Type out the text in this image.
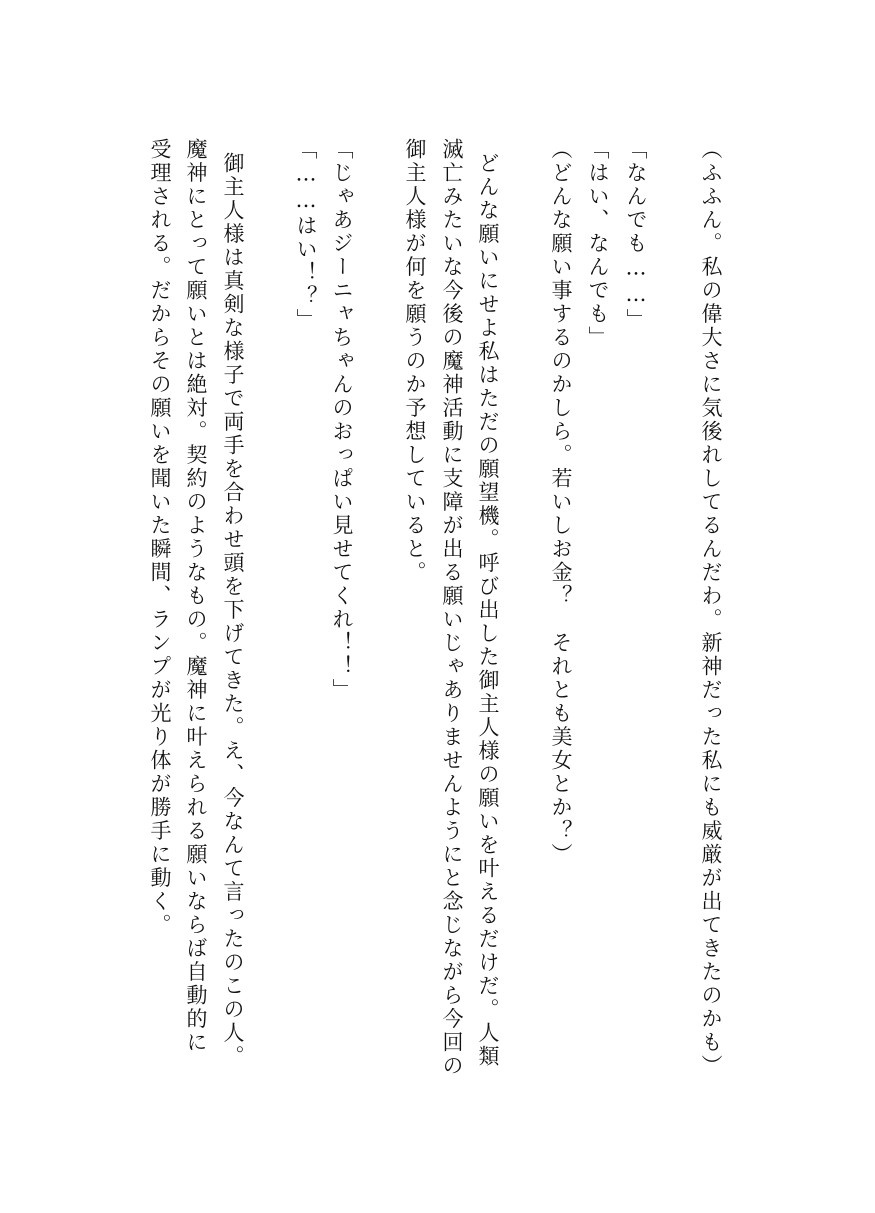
（ふふん。私の偉大さに気後れしてるんだわ。新神だった私にも威厳が出てきたのかも）

「なんでも……」

「はい、なんでも」

（どんな願い事するのかしら。若いしお金？　それとも美女とか？）

どんな願いにせよ私はただの願望機。呼び出した御主人様の願いを叶えるだけだ。人類

滅亡みたいな今後の魔神活動に支障が出る願いじゃありませんようにと念じながら今回の

御主人様が何を願うのか予想していると。

「じゃあジーニャちゃんのおっぱい見せてくれ！！」

「……はい！？」

御主人様は真剣な様子で両手を合わせ頭を下げてきた。え、今なんて言ったのこの人。

魔神にとって願いとは絶対。契約のようなもの。魔神に叶えられる願いならば自動的に

受理される。だからその願いを聞いた瞬間、ランプが光り体が勝手に動く。
